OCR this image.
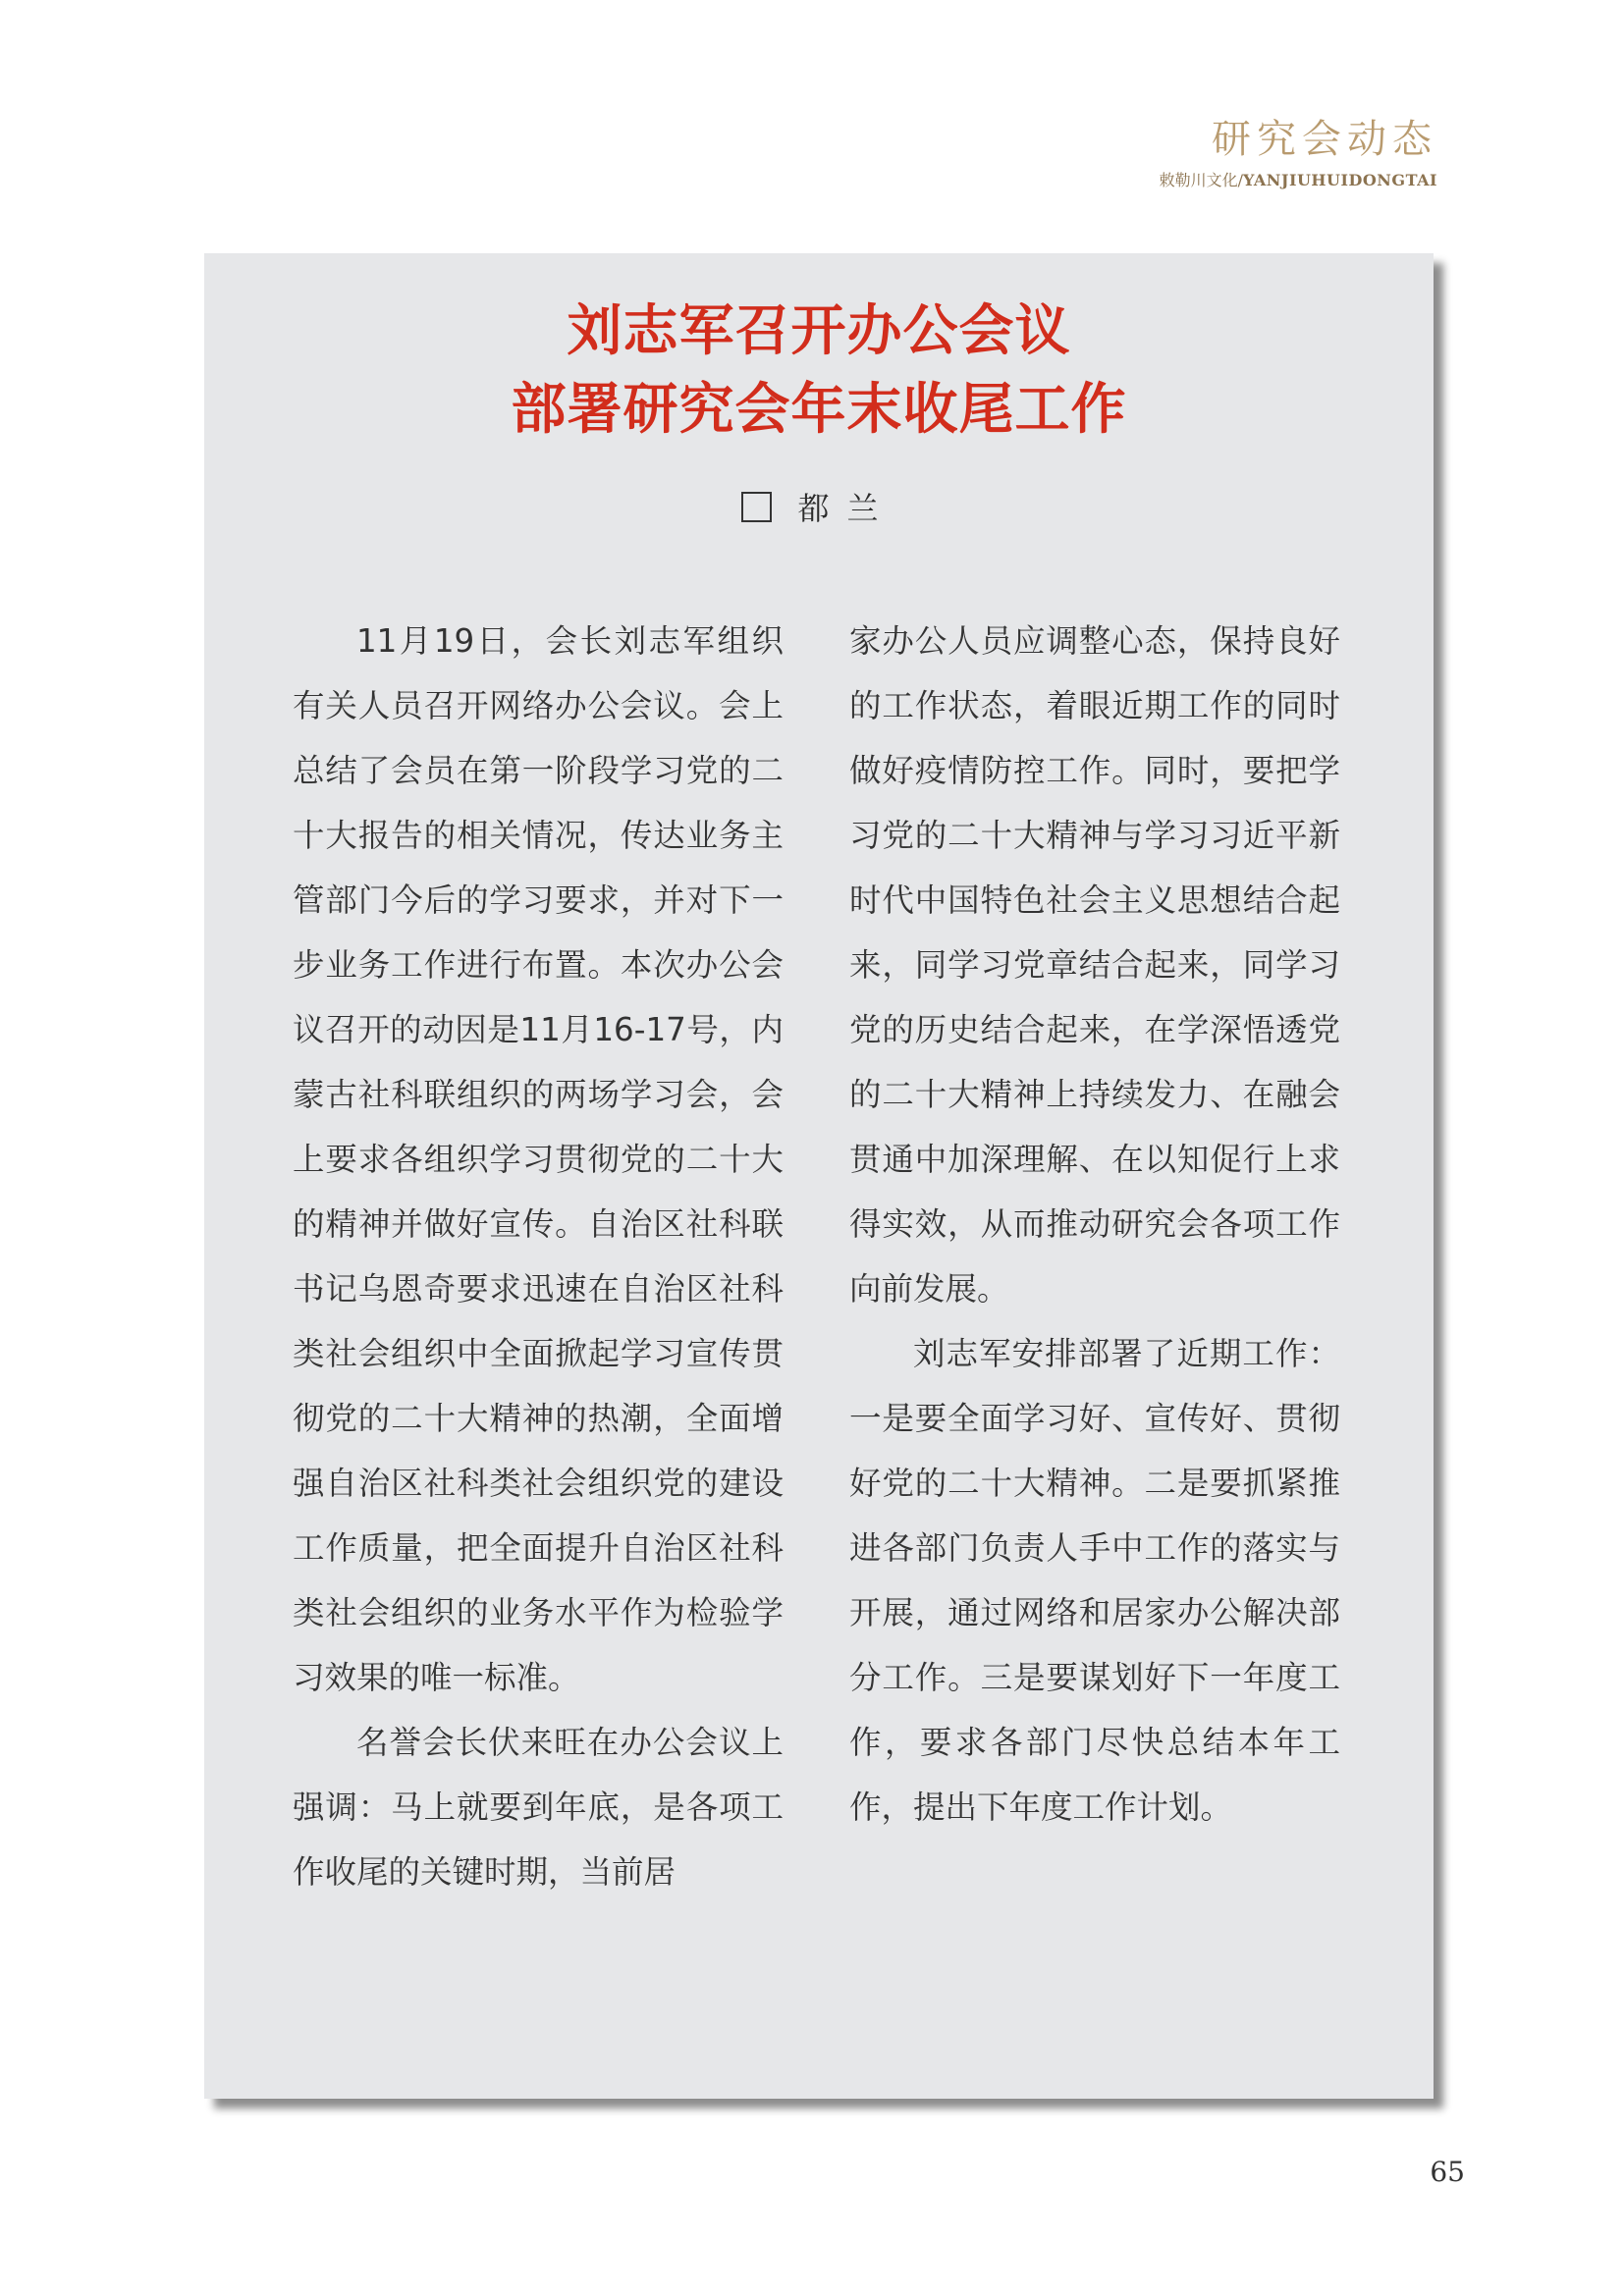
研究会动态
敕勒川文化/YANJIUHUIDONGTAI
刘志军召开办公会议
部署研究会年末收尾工作
都兰

11月19日，会长刘志军组织有关人员召开网络办公会议。会上总结了会员在第一阶段学习党的二十大报告的相关情况，传达业务主管部门今后的学习要求，并对下一步业务工作进行布置。本次办公会议召开的动因是11月16-17号，内蒙古社科联组织的两场学习会，会上要求各组织学习贯彻党的二十大的精神并做好宣传。自治区社科联书记乌恩奇要求迅速在自治区社科类社会组织中全面掀起学习宣传贯彻党的二十大精神的热潮，全面增强自治区社科类社会组织党的建设工作质量，把全面提升自治区社科类社会组织的业务水平作为检验学习效果的唯一标准。

名誉会长伏来旺在办公会议上强调：马上就要到年底，是各项工作收尾的关键时期，当前居

家办公人员应调整心态，保持良好的工作状态，着眼近期工作的同时做好疫情防控工作。同时，要把学习党的二十大精神与学习习近平新时代中国特色社会主义思想结合起来，同学习党章结合起来，同学习党的历史结合起来，在学深悟透党的二十大精神上持续发力、在融会贯通中加深理解、在以知促行上求得实效，从而推动研究会各项工作向前发展。

刘志军安排部署了近期工作：一是要全面学习好、宣传好、贯彻好党的二十大精神。二是要抓紧推进各部门负责人手中工作的落实与开展，通过网络和居家办公解决部分工作。三是要谋划好下一年度工作，要求各部门尽快总结本年工作，提出下年度工作计划。

65
